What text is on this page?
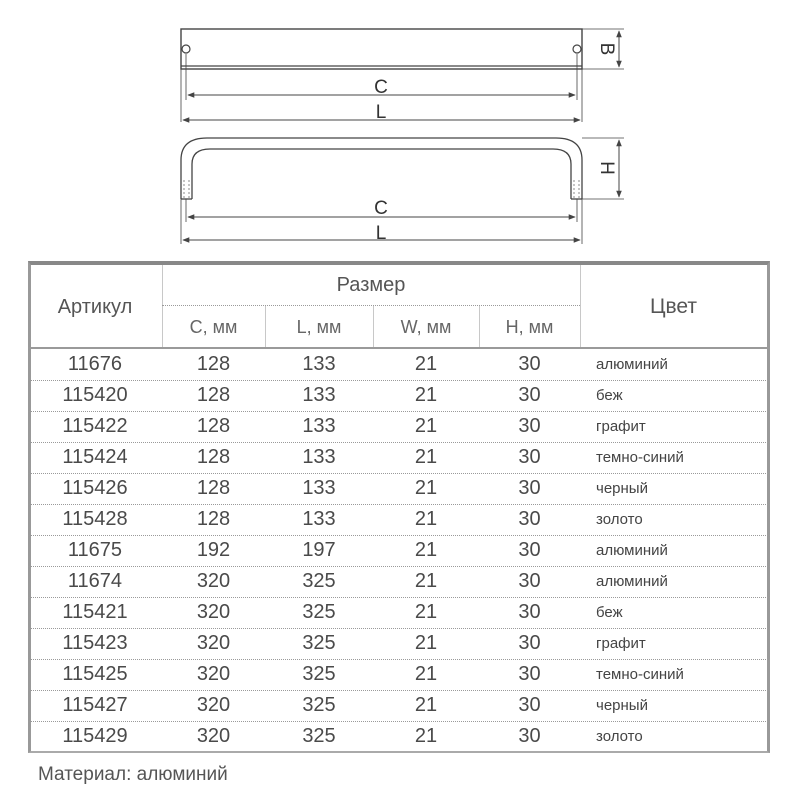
C
L
B
C
L
H
Артикул
Размер
Цвет
C, мм	L, мм	W, мм	H, мм
11676	128	133	21	30	алюминий
115420	128	133	21	30	беж
115422	128	133	21	30	графит
115424	128	133	21	30	темно-синий
115426	128	133	21	30	черный
115428	128	133	21	30	золото
11675	192	197	21	30	алюминий
11674	320	325	21	30	алюминий
115421	320	325	21	30	беж
115423	320	325	21	30	графит
115425	320	325	21	30	темно-синий
115427	320	325	21	30	черный
115429	320	325	21	30	золото
Материал: алюминий
